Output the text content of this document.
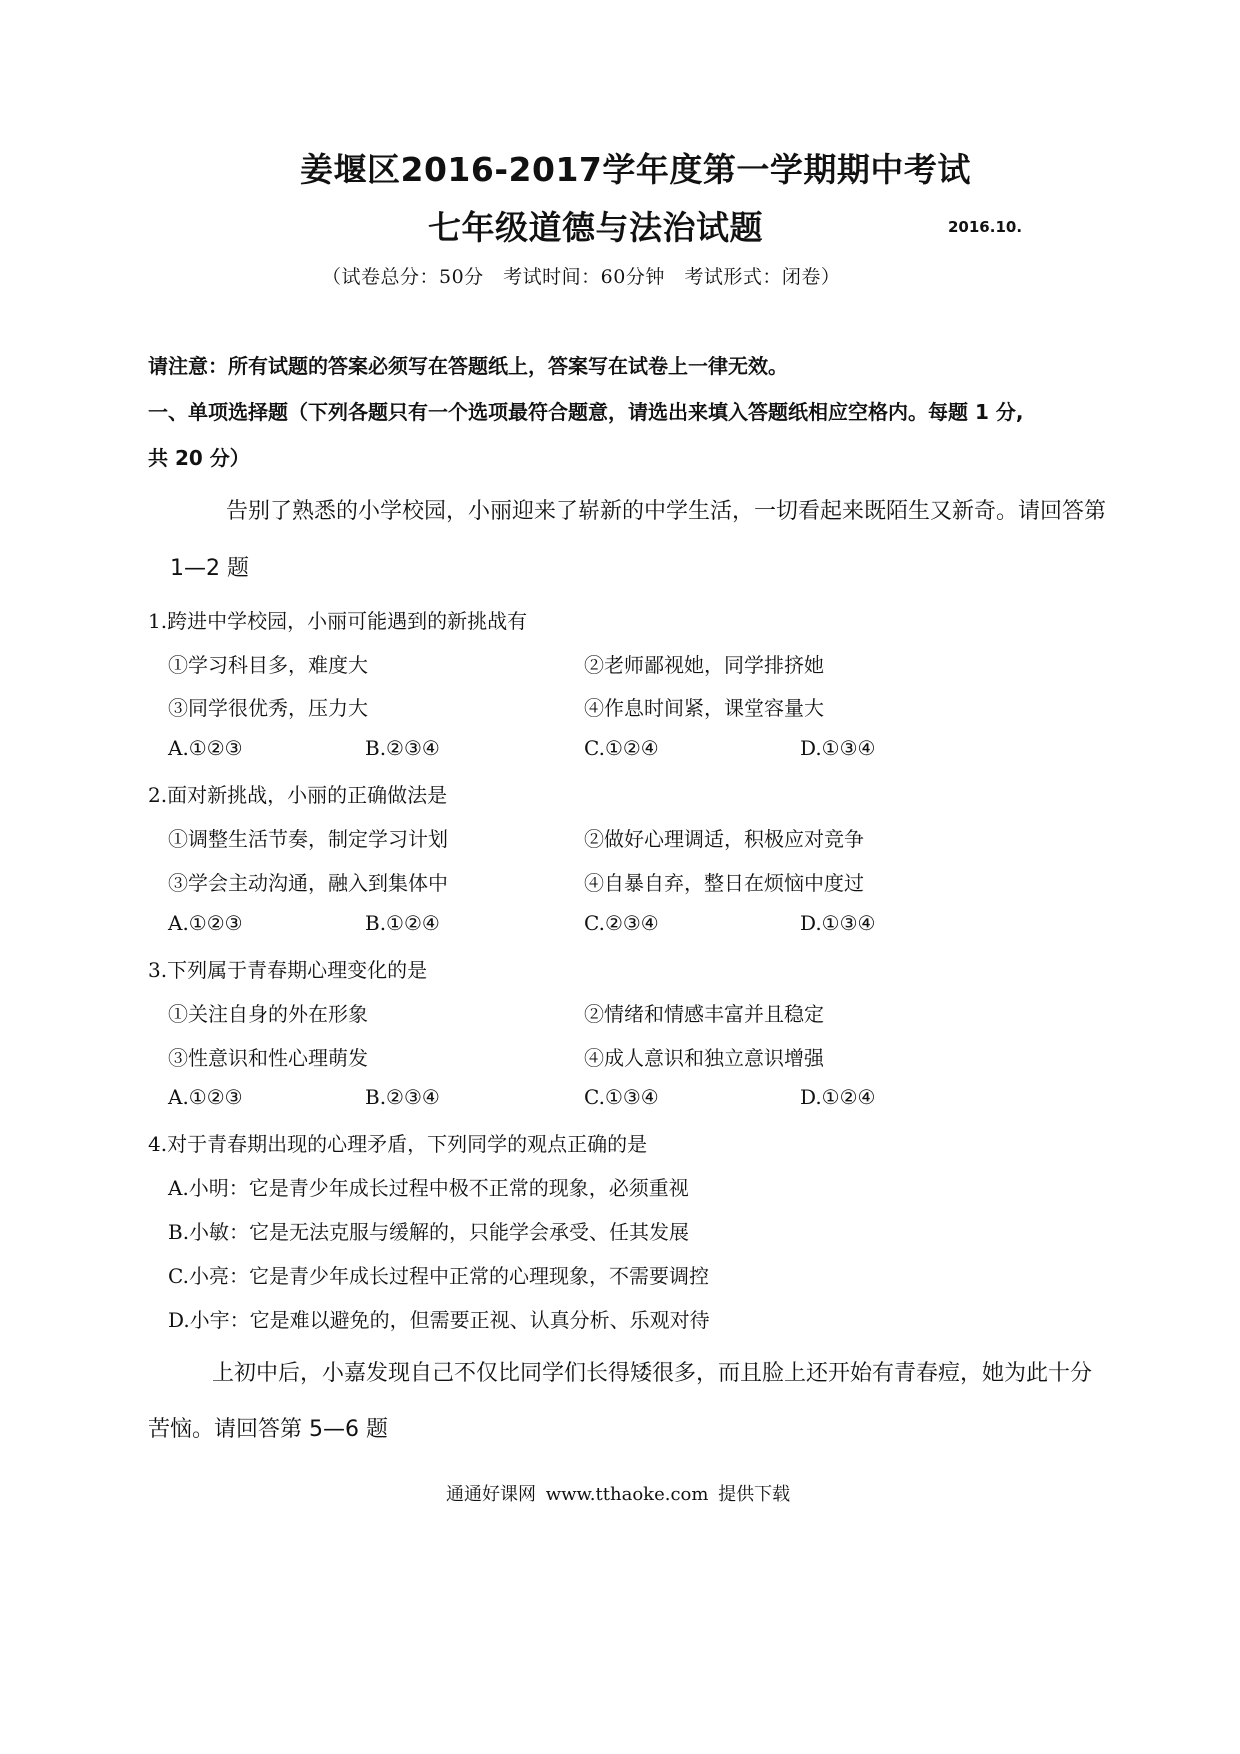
姜堰区2016-2017学年度第一学期期中考试
七年级道德与法治试题	2016.10.
（试卷总分：50分　考试时间：60分钟　考试形式：闭卷）
请注意：所有试题的答案必须写在答题纸上，答案写在试卷上一律无效。
一、单项选择题（下列各题只有一个选项最符合题意，请选出来填入答题纸相应空格内。每题 1 分,
共 20 分）
告别了熟悉的小学校园，小丽迎来了崭新的中学生活，一切看起来既陌生又新奇。请回答第
1—2 题
1.跨进中学校园，小丽可能遇到的新挑战有
①学习科目多，难度大	②老师鄙视她，同学排挤她
③同学很优秀，压力大	④作息时间紧，课堂容量大
A.①②③	B.②③④	C.①②④	D.①③④
2.面对新挑战，小丽的正确做法是
①调整生活节奏，制定学习计划	②做好心理调适，积极应对竞争
③学会主动沟通，融入到集体中	④自暴自弃，整日在烦恼中度过
A.①②③	B.①②④	C.②③④	D.①③④
3.下列属于青春期心理变化的是
①关注自身的外在形象	②情绪和情感丰富并且稳定
③性意识和性心理萌发	④成人意识和独立意识增强
A.①②③	B.②③④	C.①③④	D.①②④
4.对于青春期出现的心理矛盾，下列同学的观点正确的是
A.小明：它是青少年成长过程中极不正常的现象，必须重视
B.小敏：它是无法克服与缓解的，只能学会承受、任其发展
C.小亮：它是青少年成长过程中正常的心理现象，不需要调控
D.小宇：它是难以避免的，但需要正视、认真分析、乐观对待
上初中后，小嘉发现自己不仅比同学们长得矮很多，而且脸上还开始有青春痘，她为此十分
苦恼。请回答第 5—6 题
通通好课网 www.tthaoke.com 提供下载
